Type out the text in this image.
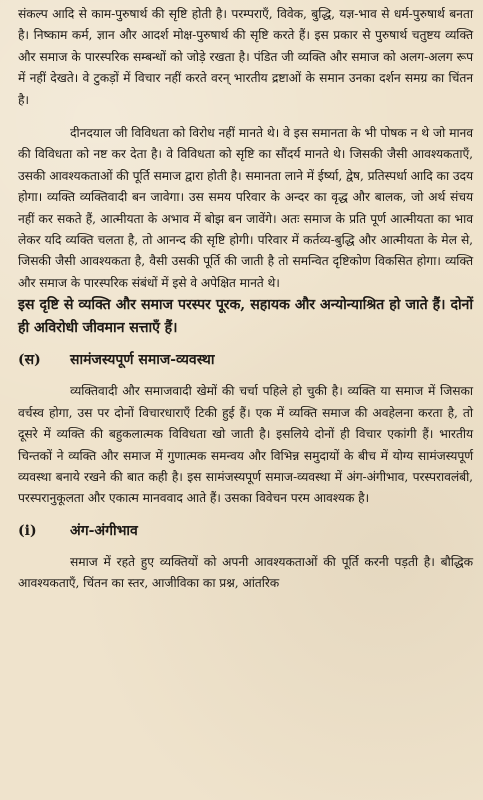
संकल्प आदि से काम-पुरुषार्थ की सृष्टि होती है। परम्पराएँ, विवेक, बुद्धि, यज्ञ-भाव से धर्म-पुरुषार्थ बनता है। निष्काम कर्म, ज्ञान और आदर्श मोक्ष-पुरुषार्थ की सृष्टि करते हैं। इस प्रकार से पुरुषार्थ चतुष्टय व्यक्ति और समाज के पारस्परिक सम्बन्धों को जोड़े रखता है। पंडित जी व्यक्ति और समाज को अलग-अलग रूप में नहीं देखते। वे टुकड़ों में विचार नहीं करते वरन् भारतीय द्रष्टाओं के समान उनका दर्शन समग्र का चिंतन है।

दीनदयाल जी विविधता को विरोध नहीं मानते थे। वे इस समानता के भी पोषक न थे जो मानव की विविधता को नष्ट कर देता है। वे विविधता को सृष्टि का सौंदर्य मानते थे। जिसकी जैसी आवश्यकताएँ, उसकी आवश्यकताओं की पूर्ति समाज द्वारा होती है। समानता लाने में ईर्ष्या, द्वेष, प्रतिस्पर्धा आदि का उदय होगा। व्यक्ति व्यक्तिवादी बन जावेगा। उस समय परिवार के अन्दर का वृद्ध और बालक, जो अर्थ संचय नहीं कर सकते हैं, आत्मीयता के अभाव में बोझ बन जावेंगे। अतः समाज के प्रति पूर्ण आत्मीयता का भाव लेकर यदि व्यक्ति चलता है, तो आनन्द की सृष्टि होगी। परिवार में कर्तव्य-बुद्धि और आत्मीयता के मेल से, जिसकी जैसी आवश्यकता है, वैसी उसकी पूर्ति की जाती है तो समन्वित दृष्टिकोण विकसित होगा। व्यक्ति और समाज के पारस्परिक संबंधों में इसे वे अपेक्षित मानते थे।

इस दृष्टि से व्यक्ति और समाज परस्पर पूरक, सहायक और अन्योन्याश्रित हो जाते हैं। दोनों ही अविरोधी जीवमान सत्ताएँ हैं।

(स) सामंजस्यपूर्ण समाज-व्यवस्था

व्यक्तिवादी और समाजवादी खेमों की चर्चा पहिले हो चुकी है। व्यक्ति या समाज में जिसका वर्चस्व होगा, उस पर दोनों विचारधाराएँ टिकी हुई हैं। एक में व्यक्ति समाज की अवहेलना करता है, तो दूसरे में व्यक्ति की बहुकलात्मक विविधता खो जाती है। इसलिये दोनों ही विचार एकांगी हैं। भारतीय चिन्तकों ने व्यक्ति और समाज में गुणात्मक समन्वय और विभिन्न समुदायों के बीच में योग्य सामंजस्यपूर्ण व्यवस्था बनाये रखने की बात कही है। इस सामंजस्यपूर्ण समाज-व्यवस्था में अंग-अंगीभाव, परस्परावलंबी, परस्परानुकूलता और एकात्म मानववाद आते हैं। उसका विवेचन परम आवश्यक है।

(i) अंग-अंगीभाव

समाज में रहते हुए व्यक्तियों को अपनी आवश्यकताओं की पूर्ति करनी पड़ती है। बौद्धिक आवश्यकताएँ, चिंतन का स्तर, आजीविका का प्रश्न, आंतरिक
